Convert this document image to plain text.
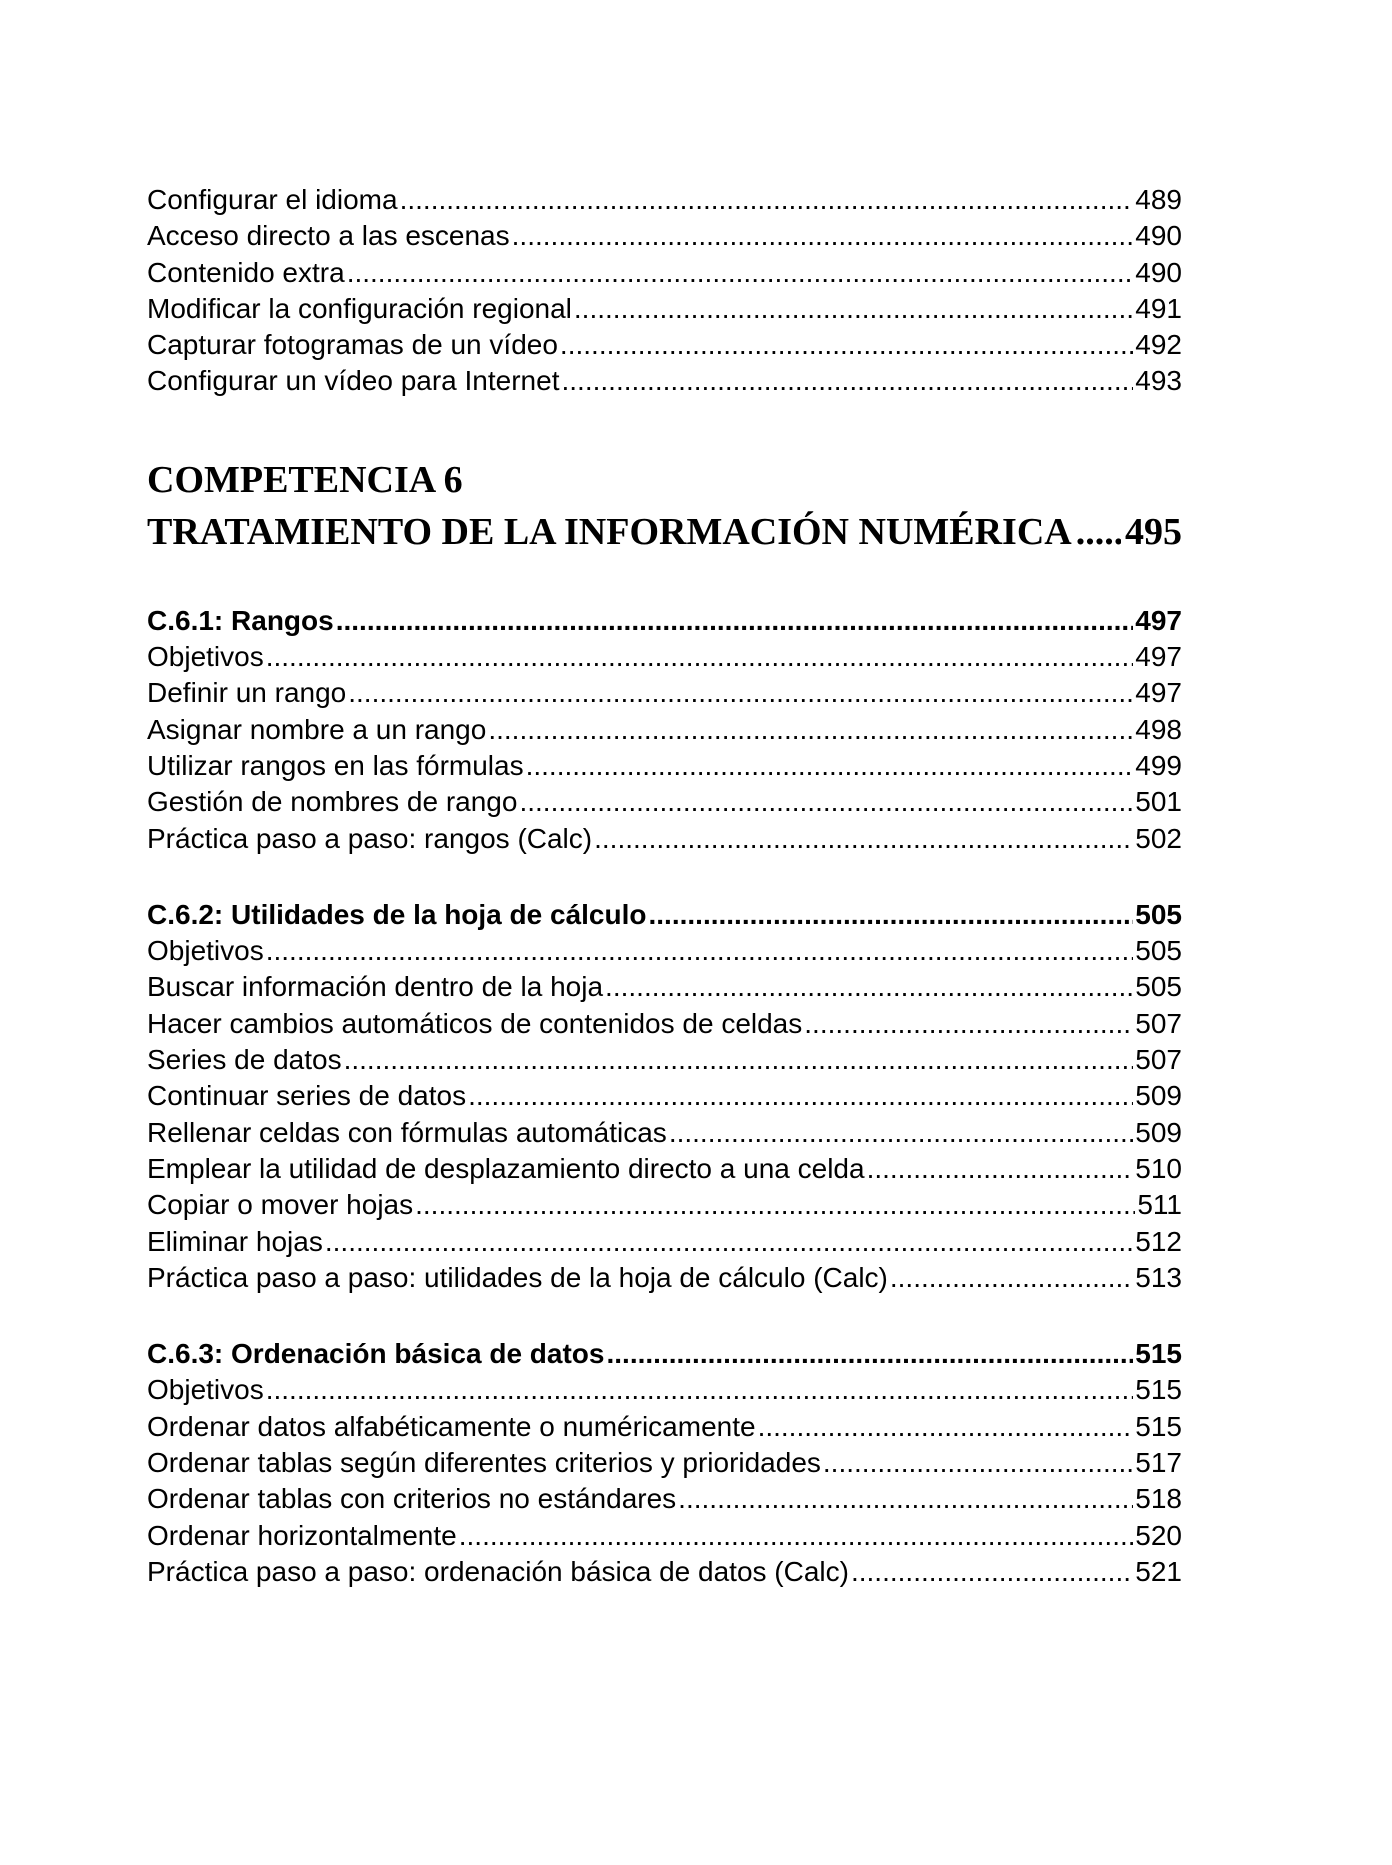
Configurar el idioma .....	489
Acceso directo a las escenas .....	490
Contenido extra .....	490
Modificar la configuración regional .....	491
Capturar fotogramas de un vídeo .....	492
Configurar un vídeo para Internet .....	493
COMPETENCIA 6
TRATAMIENTO DE LA INFORMACIÓN NUMÉRICA ..... 495
C.6.1: Rangos .....	497
Objetivos .....	497
Definir un rango .....	497
Asignar nombre a un rango .....	498
Utilizar rangos en las fórmulas .....	499
Gestión de nombres de rango .....	501
Práctica paso a paso: rangos (Calc) .....	502
C.6.2: Utilidades de la hoja de cálculo .....	505
Objetivos .....	505
Buscar información dentro de la hoja .....	505
Hacer cambios automáticos de contenidos de celdas .....	507
Series de datos .....	507
Continuar series de datos .....	509
Rellenar celdas con fórmulas automáticas .....	509
Emplear la utilidad de desplazamiento directo a una celda .....	510
Copiar o mover hojas .....	511
Eliminar hojas .....	512
Práctica paso a paso: utilidades de la hoja de cálculo (Calc) .....	513
C.6.3: Ordenación básica de datos .....	515
Objetivos .....	515
Ordenar datos alfabéticamente o numéricamente .....	515
Ordenar tablas según diferentes criterios y prioridades .....	517
Ordenar tablas con criterios no estándares .....	518
Ordenar horizontalmente .....	520
Práctica paso a paso: ordenación básica de datos (Calc) .....	521
